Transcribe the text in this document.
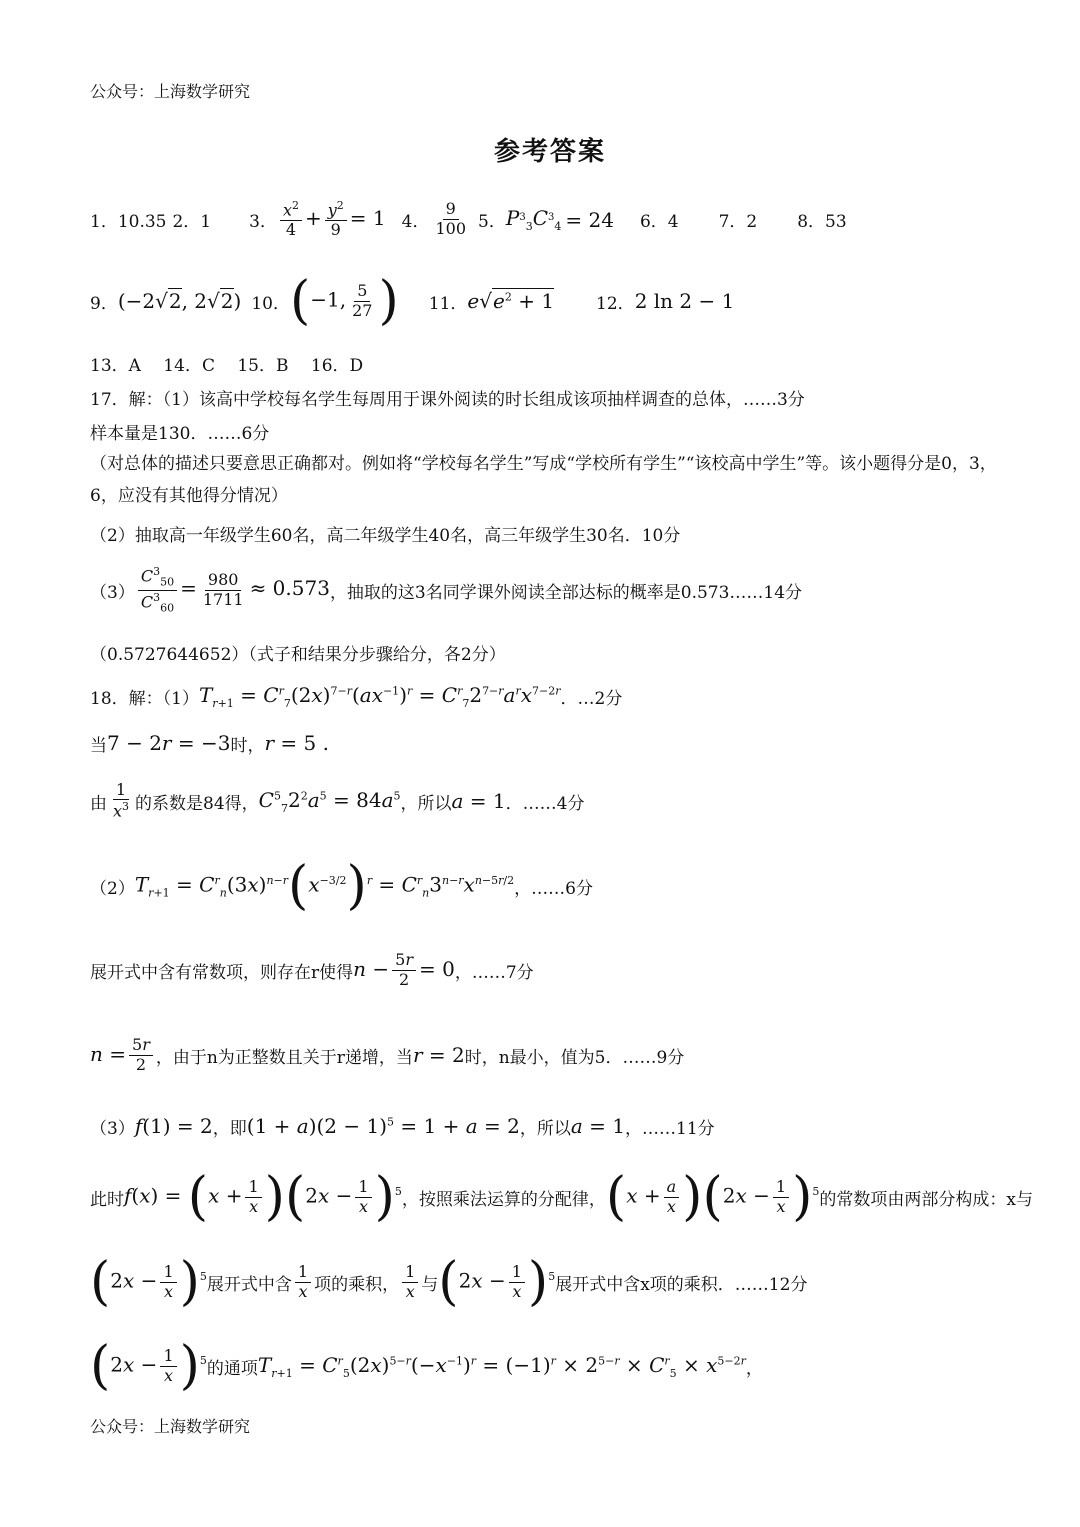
公众号：上海数学研究
参考答案
1．10.35 2．1 3． $\frac{x^2}{4} + \frac{y^2}{9} = 1$ 4． $\frac{9}{100} 5$． $P_{33}C_{34} = 24$ 6．4 7．2 8．53
9． (−2√2, 2√2) 10． (−1, $\frac{5}{27}$ ) 11． $e√e^2 + 1$ 12． 2 ln 2 − 1
13．A　 14．C　 15．B　 16．D
17．解：（1）该高中学校每名学生每周用于课外阅读的时长组成该项抽样调查的总体，……3分
样本量是130．……6分
（对总体的描述只要意思正确都对。例如将“学校每名学生”写成“学校所有学生”“该校高中学生”等。该小题得分是0，3，6，应没有其他得分情况）
（2）抽取高一年级学生60名，高二年级学生40名，高三年级学生30名．10分
$(3) \frac{C^3_{50}}{C^3_{60}} = \frac{980}{1711} \approx 0.573$ ，抽取的这3名同学课外阅读全部达标的概率是0.573……14分
（0.5727644652）（式子和结果分步骤给分，各2分）
18．解：（1） $T_{r+1} = C^r_7(2x)^{7-r}(ax^{-1})^r = C^r_72^{7-r}a^rx^{7-2r}$ ．…2分
当 7 − 2r = −3 时， r = 5 .
由 $\frac{1}{x^3}$ 的系数是84得， $C^5_72^2a^5 = 84a^5$ ，所以 a = 1 ．……4分
（2） $T_{r+1} = C^r_n(3x)^{n-r}(x^{-3/2})^r = C^r_n3^{n-r}x^{n-5r/2}$ ，……6分
展开式中含有常数项，则存在r使得 $n - \frac{5r}{2} = 0$ ，……7分
$n = \frac{5r}{2}$ ，由于n为正整数且关于r递增，当 r = 2 时，n最小，值为5．……9分
（3） f(1) = 2 ，即 $(1 + a)(2 - 1)^5 = 1 + a = 2$ ，所以 a = 1 ，……11分
此时 $f(x) = (x + \frac{1}{x} )(2x - \frac{1}{x} )^5$ ，按照乘法运算的分配律， $(x + \frac{a}{x} )(2x - \frac{1}{x} )^5$ 的常数项由两部分构成：x与
$(2x - \frac{1}{x} )^5$ 展开式中含 $\frac{1}{x}$ 项的乘积， $\frac{1}{x}$ 与 $(2x - \frac{1}{x} )^5$ 展开式中含x项的乘积．……12分
$(2x - \frac{1}{x} )^5$ 的通项 $T_{r+1} = C^r_5(2x)^{5-r}(-x^{-1})^r = (-1)^r \times 2^{5-r} \times C^r_5 \times x^{5-2r}$ ，
公众号：上海数学研究
